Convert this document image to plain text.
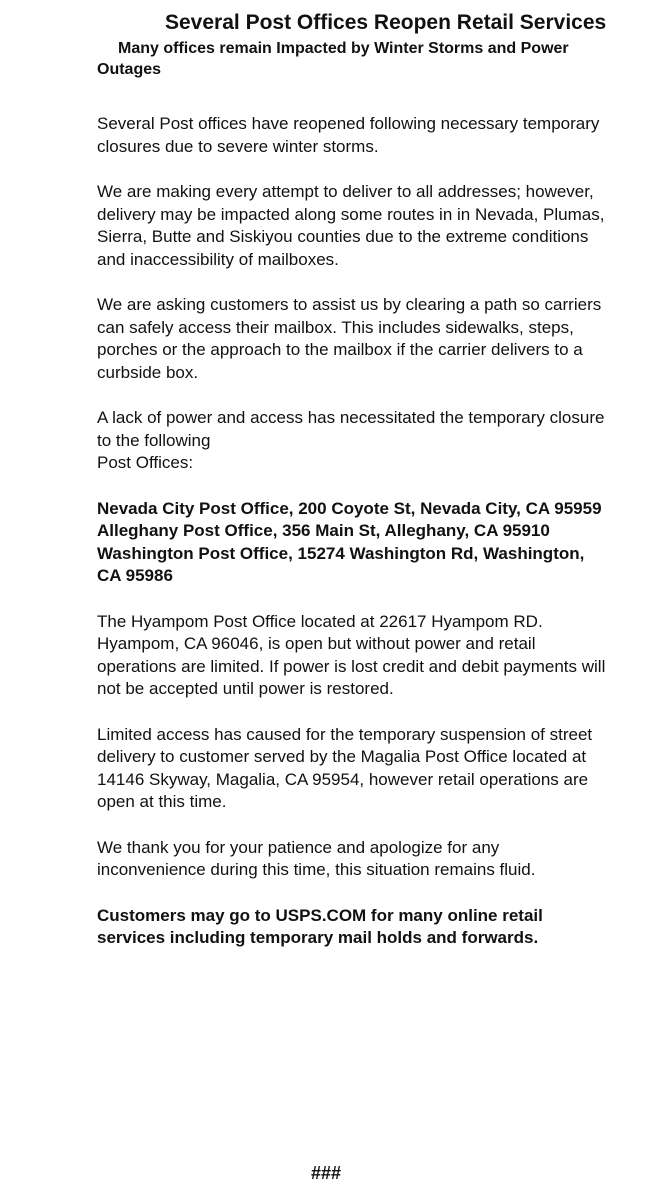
Several Post Offices Reopen Retail Services

Many offices remain Impacted by Winter Storms and Power Outages

Several Post offices have reopened following necessary temporary closures due to severe winter storms.

We are making every attempt to deliver to all addresses; however, delivery may be impacted along some routes in in Nevada, Plumas, Sierra, Butte and Siskiyou counties due to the extreme conditions and inaccessibility of mailboxes.

We are asking customers to assist us by clearing a path so carriers can safely access their mailbox. This includes sidewalks, steps, porches or the approach to the mailbox if the carrier delivers to a curbside box.

A lack of power and access has necessitated the temporary closure to the following

Post Offices:

Nevada City Post Office, 200 Coyote St, Nevada City, CA 95959

Alleghany Post Office, 356 Main St, Alleghany, CA 95910

Washington Post Office, 15274 Washington Rd, Washington, CA 95986

The Hyampom Post Office located at 22617 Hyampom RD. Hyampom, CA 96046, is open but without power and retail operations are limited. If power is lost credit and debit payments will not be accepted until power is restored.

Limited access has caused for the temporary suspension of street delivery to customer served by the Magalia Post Office located at 14146 Skyway, Magalia, CA 95954, however retail operations are open at this time.

We thank you for your patience and apologize for any inconvenience during this time, this situation remains fluid.

Customers may go to USPS.COM for many online retail services including temporary mail holds and forwards.

###
